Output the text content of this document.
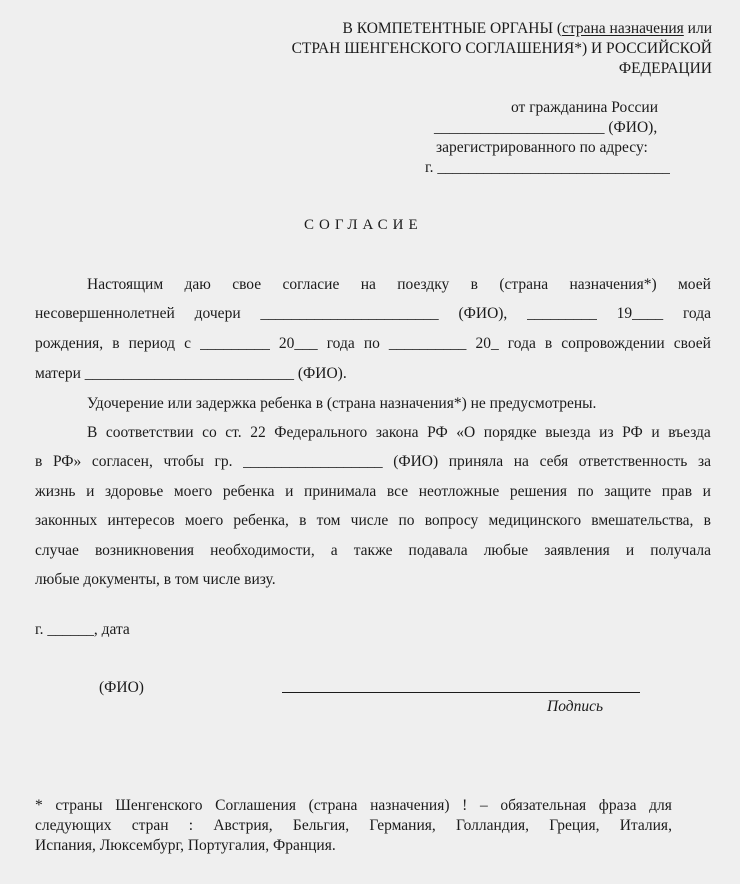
В КОМПЕТЕНТНЫЕ ОРГАНЫ (страна назначения или
СТРАН ШЕНГЕНСКОГО СОГЛАШЕНИЯ*) И РОССИЙСКОЙ
ФЕДЕРАЦИИ
от гражданина России
______________________ (ФИО),
зарегистрированного по адресу:
г. ______________________________
СОГЛАСИЕ
Настоящим даю свое согласие на поездку в (страна назначения*) моей
несовершеннолетней дочери _______________________ (ФИО), _________ 19____ года
рождения, в период с _________ 20___ года по __________ 20_ года в сопровождении своей
матери ___________________________ (ФИО).
Удочерение или задержка ребенка в (страна назначения*) не предусмотрены.
В соответствии со ст. 22 Федерального закона РФ «О порядке выезда из РФ и въезда
в РФ» согласен, чтобы гр. __________________ (ФИО) приняла на себя ответственность за
жизнь и здоровье моего ребенка и принимала все неотложные решения по защите прав и
законных интересов моего ребенка, в том числе по вопросу медицинского вмешательства, в
случае возникновения необходимости, а также подавала любые заявления и получала
любые документы, в том числе визу.
г. ______, дата
(ФИО)
Подпись
* страны Шенгенского Соглашения (страна назначения) ! – обязательная фраза для
следующих стран : Австрия, Бельгия, Германия, Голландия, Греция, Италия,
Испания, Люксембург, Португалия, Франция.
